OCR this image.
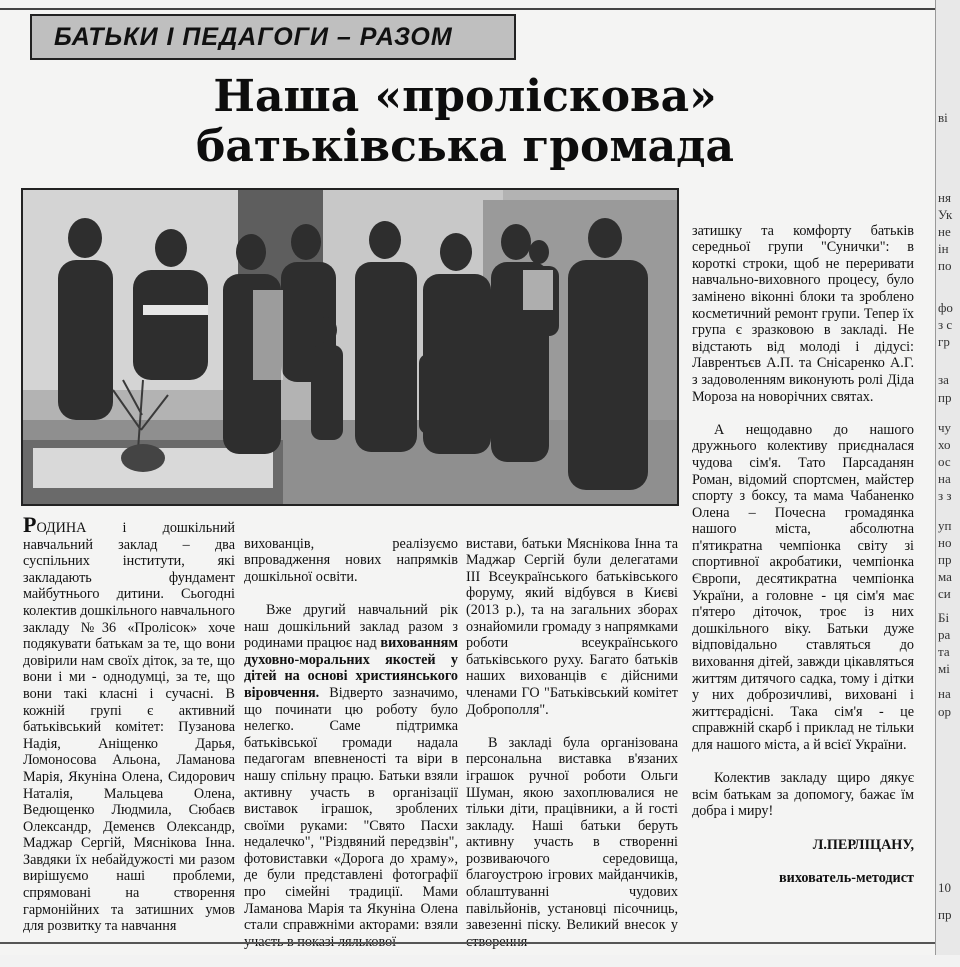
БАТЬКИ І ПЕДАГОГИ – РАЗОМ
Наша «проліскова»
батьківська громада
РОДИНА і дошкільний навчальний заклад – два суспільних інститути, які закладають фундамент майбутнього дитини. Сьогодні колектив дошкільного навчального закладу №36 «Пролісок» хоче подякувати батькам за те, що вони довірили нам своїх діток, за те, що вони і ми - однодумці, за те, що вони такі класні і сучасні. В кожній групі є активний батьківський комітет: Пузанова Надія, Аніщенко Дарья, Ломоносова Альона, Ламанова Марія, Якуніна Олена, Сидорович Наталія, Мальцева Олена, Ведющенко Людмила, Сюбаєв Олександр, Деменєв Олександр, Маджар Сергій, Мяснікова Інна. Завдяки їх небайдужості ми разом вирішуємо наші проблеми, спрямовані на створення гармонійних та затишних умов для розвитку та навчання

вихованців, реалізуємо впровадження нових напрямків дошкільної освіти.

Вже другий навчальний рік наш дошкільний заклад разом з родинами працює над вихованням духовно-моральних якостей у дітей на основі християнського віровчення. Відверто зазначимо, що починати цю роботу було нелегко. Саме підтримка батьківської громади надала педагогам впевненості та віри в нашу спільну працю. Батьки взяли активну участь в організації виставок іграшок, зроблених своїми руками: "Свято Пасхи недалечко", "Різдвяний передзвін", фотовиставки «Дорога до храму», де були представлені фотографії про сімейні традиції. Мами Ламанова Марія та Якуніна Олена стали справжніми акторами: взяли

вистави, батьки Мяснікова Інна та Маджар Сергій були делегатами III Всеукраїнського батьківського форуму, який відбувся в Києві (2013 р.), та на загальних зборах ознайомили громаду з напрямками роботи всеукраїнського батьківського руху. Багато батьків наших вихованців є дійсними членами ГО "Батьківський комітет Доброполля".

В закладі була організована персональна виставка в'язаних іграшок ручної роботи Ольги Шуман, якою захоплювалися не тільки діти, працівники, а й гості закладу. Наші батьки беруть активну участь в створенні розвиваючого середовища, благоустрою ігрових майданчиків, облаштуванні чудових павільйонів, установці пісочниць, завезенні піску. Великий внесок у

затишку та комфорту батьків середньої групи "Сунички": в короткі строки, щоб не переривати навчально-виховного процесу, було замінено віконні блоки та зроблено косметичний ремонт групи. Тепер їх група є зразковою в закладі. Не відстають від молоді і дідусі: Лаврентьєв А.П. та Снісаренко А.Г. з задоволенням виконують ролі Діда Мороза на новорічних святах.

А нещодавно до нашого дружнього колективу приєдналася чудова сім'я. Тато Парсаданян Роман, відомий спортсмен, майстер спорту з боксу, та мама Чабаненко Олена – Почесна громадянка нашого міста, абсолютна п'ятикратна чемпіонка світу зі спортивної акробатики, чемпіонка Європи, десятикратна чемпіонка України, а головне - ця сім'я має п'ятеро діточок, троє із них дошкільного віку. Батьки дуже відповідально ставляться до виховання дітей, завжди цікавляться життям дитячого садка, тому і дітки у них доброзичливі, виховані і життєрадісні. Така сім'я - це справжній скарб і приклад не тільки для нашого міста, а й всієї України.

Колектив закладу щиро дякує всім батькам за допомогу, бажає їм добра і миру!

Л.ПЕРЛІЦАНУ,

вихователь-методист

ві
ня
Ук
не
ін
по
фо
з с
гр
за
пр
чу
хо
ос
на
з з
уп
но
пр
ма
си
Бі
ра
та
мі
на
ор
10
пр
